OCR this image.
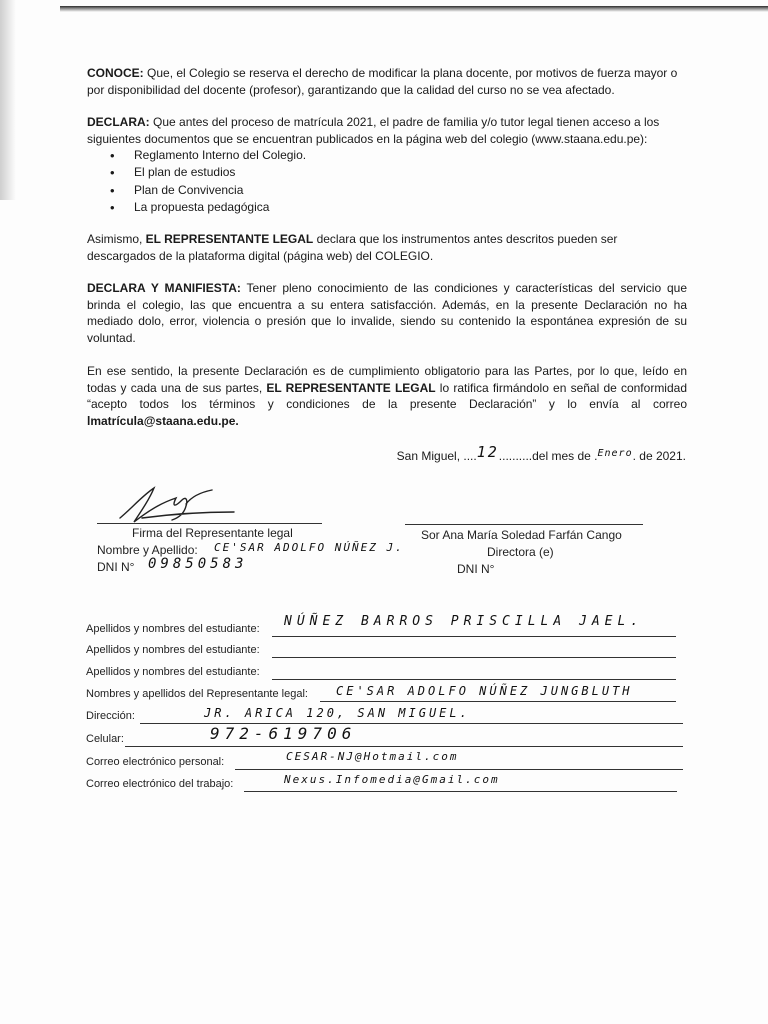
CONOCE: Que, el Colegio se reserva el derecho de modificar la plana docente, por motivos de fuerza mayor o por disponibilidad del docente (profesor), garantizando que la calidad del curso no se vea afectado.

DECLARA: Que antes del proceso de matrícula 2021, el padre de familia y/o tutor legal tienen acceso a los siguientes documentos que se encuentran publicados en la página web del colegio (www.staana.edu.pe):

• Reglamento Interno del Colegio.
• El plan de estudios
• Plan de Convivencia
• La propuesta pedagógica

Asimismo, EL REPRESENTANTE LEGAL declara que los instrumentos antes descritos pueden ser descargados de la plataforma digital (página web) del COLEGIO.

DECLARA Y MANIFIESTA: Tener pleno conocimiento de las condiciones y características del servicio que brinda el colegio, las que encuentra a su entera satisfacción. Además, en la presente Declaración no ha mediado dolo, error, violencia o presión que lo invalide, siendo su contenido la espontánea expresión de su voluntad.

En ese sentido, la presente Declaración es de cumplimiento obligatorio para las Partes, por lo que, leído en todas y cada una de sus partes, EL REPRESENTANTE LEGAL lo ratifica firmándolo en señal de conformidad “acepto todos los términos y condiciones de la presente Declaración” y lo envía al correo lmatrícula@staana.edu.pe.

San Miguel, ....12..........del mes de .$^{Enero}$. de 2021.
Firma del Representante legal
Nombre y Apellido: CE'SAR ADOLFO NÚÑEZ J.
DNI N° 09850583
Sor Ana María Soledad Farfán Cango
Directora (e)
DNI N°
Apellidos y nombres del estudiante: NÚÑEZ BARROS PRISCILLA JAEL.
Apellidos y nombres del estudiante:
Apellidos y nombres del estudiante:
Nombres y apellidos del Representante legal: CE'SAR ADOLFO NÚÑEZ JUNGBLUTH
Dirección:	JR. ARICA 120, SAN MIGUEL.
Celular:	972-619706
Correo electrónico personal:	CESAR-NJ@Hotmail.com
Correo electrónico del trabajo:	Nexus.Infomedia@Gmail.com
